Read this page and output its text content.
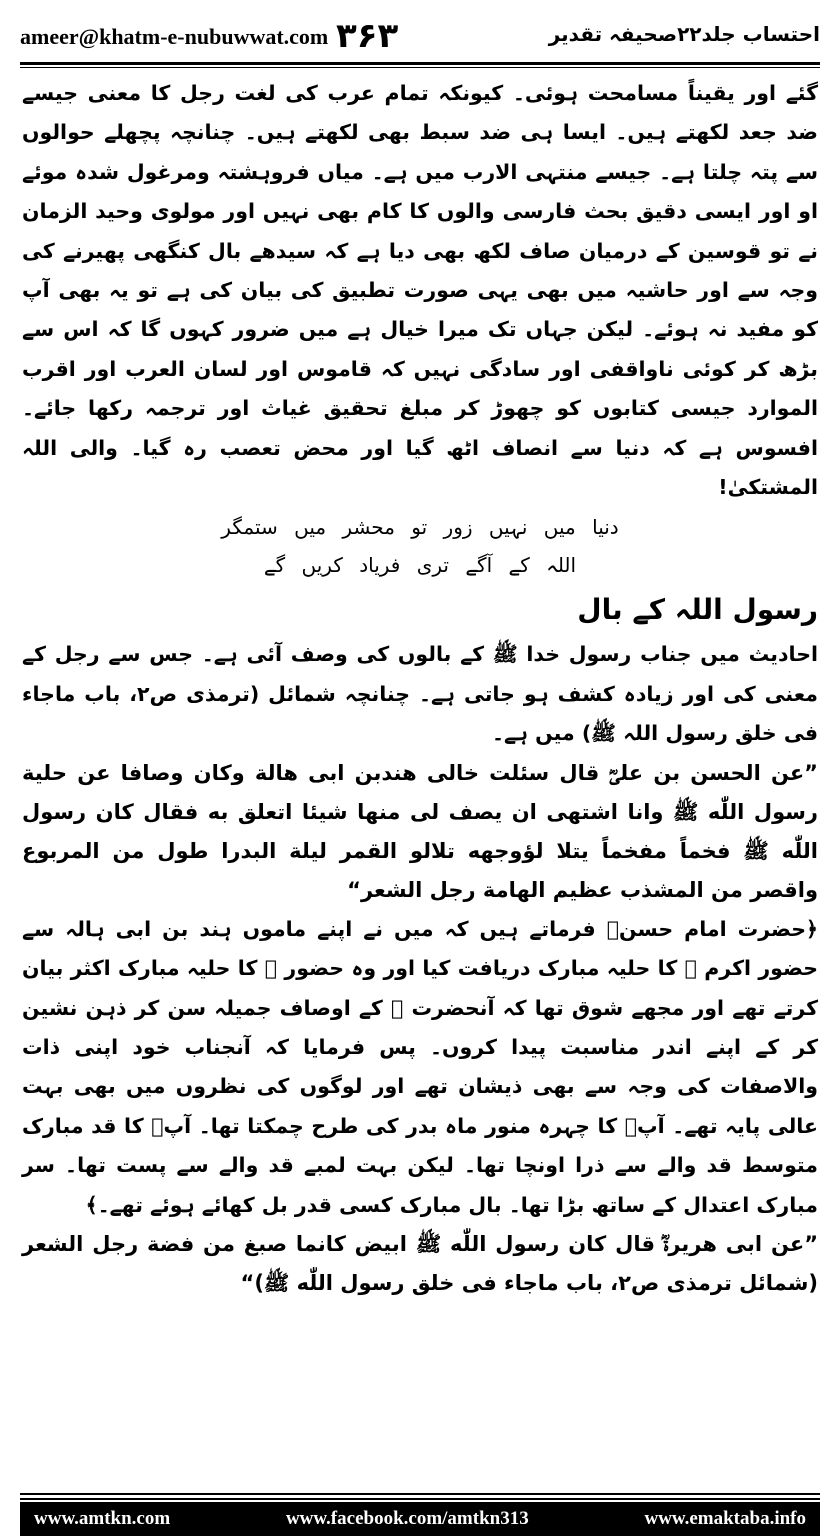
ameer@khatm-e-nubuwwat.com ۳۶۳	احتساب جلد۲۲صحیفہ تقدیر

گئے اور یقیناً مسامحت ہوئی۔ کیونکہ تمام عرب کی لغت رجل کا معنی جیسے ضد جعد لکھتے ہیں۔ ایسا ہی ضد سبط بھی لکھتے ہیں۔ چنانچہ پچھلے حوالوں سے پتہ چلتا ہے۔ جیسے منتہی الارب میں ہے۔ میاں فروہشتہ ومرغول شدہ موئے او اور ایسی دقیق بحث فارسی والوں کا کام بھی نہیں اور مولوی وحید الزمان نے تو قوسین کے درمیان صاف لکھ بھی دیا ہے کہ سیدھے بال کنگھی پھیرنے کی وجہ سے اور حاشیہ میں بھی یہی صورت تطبیق کی بیان کی ہے تو یہ بھی آپ کو مفید نہ ہوئے۔ لیکن جہاں تک میرا خیال ہے میں ضرور کہوں گا کہ اس سے بڑھ کر کوئی ناواقفی اور سادگی نہیں کہ قاموس اور لسان العرب اور اقرب الموارد جیسی کتابوں کو چھوڑ کر مبلغ تحقیق غیاث اور ترجمہ رکھا جائے۔ افسوس ہے کہ دنیا سے انصاف اٹھ گیا اور محض تعصب رہ گیا۔ والی اللہ المشتکیٰ!

دنیا میں نہیں زور تو محشر میں ستمگر
اللہ کے آگے تری فریاد کریں گے
رسول اللہ کے بال

احادیث میں جناب رسول خدا ﷺ کے بالوں کی وصف آئی ہے۔ جس سے رجل کے معنی کی اور زیادہ کشف ہو جاتی ہے۔ چنانچہ شمائل (ترمذی ص۲، باب ماجاء فی خلق رسول اللہ ﷺ) میں ہے۔

”عن الحسن بن علیؓ قال سئلت خالی هندبن ابی هالة وکان وصافا عن حلیة رسول اللّٰه ﷺ وانا اشتهی ان یصف لی منها شیئا اتعلق به فقال کان رسول اللّٰه ﷺ فخماً مفخماً یتلا لؤوجهه تلالو القمر لیلة البدرا طول من المربوع واقصر من المشذب عظیم الهامة رجل الشعر“

﴿حضرت امام حسنؓ فرماتے ہیں کہ میں نے اپنے ماموں ہند بن ابی ہالہ سے حضور اکرم ﷺ کا حلیہ مبارک دریافت کیا اور وہ حضور ﷺ کا حلیہ مبارک اکثر بیان کرتے تھے اور مجھے شوق تھا کہ آنحضرت ﷺ کے اوصاف جمیلہ سن کر ذہن نشین کر کے اپنے اندر مناسبت پیدا کروں۔ پس فرمایا کہ آنجناب خود اپنی ذات والاصفات کی وجہ سے بھی ذیشان تھے اور لوگوں کی نظروں میں بھی بہت عالی پایہ تھے۔ آپؐ کا چہرہ منور ماہ بدر کی طرح چمکتا تھا۔ آپؐ کا قد مبارک متوسط قد والے سے ذرا اونچا تھا۔ لیکن بہت لمبے قد والے سے پست تھا۔ سر مبارک اعتدال کے ساتھ بڑا تھا۔ بال مبارک کسی قدر بل کھائے ہوئے تھے۔﴾

”عن ابی هریرةؓ قال کان رسول اللّٰه ﷺ ابیض کانما صبغ من فضة رجل الشعر (شمائل ترمذی ص۲، باب ماجاء فی خلق رسول اللّٰه ﷺ)“

www.amtkn.com	www.facebook.com/amtkn313	www.emaktaba.info
